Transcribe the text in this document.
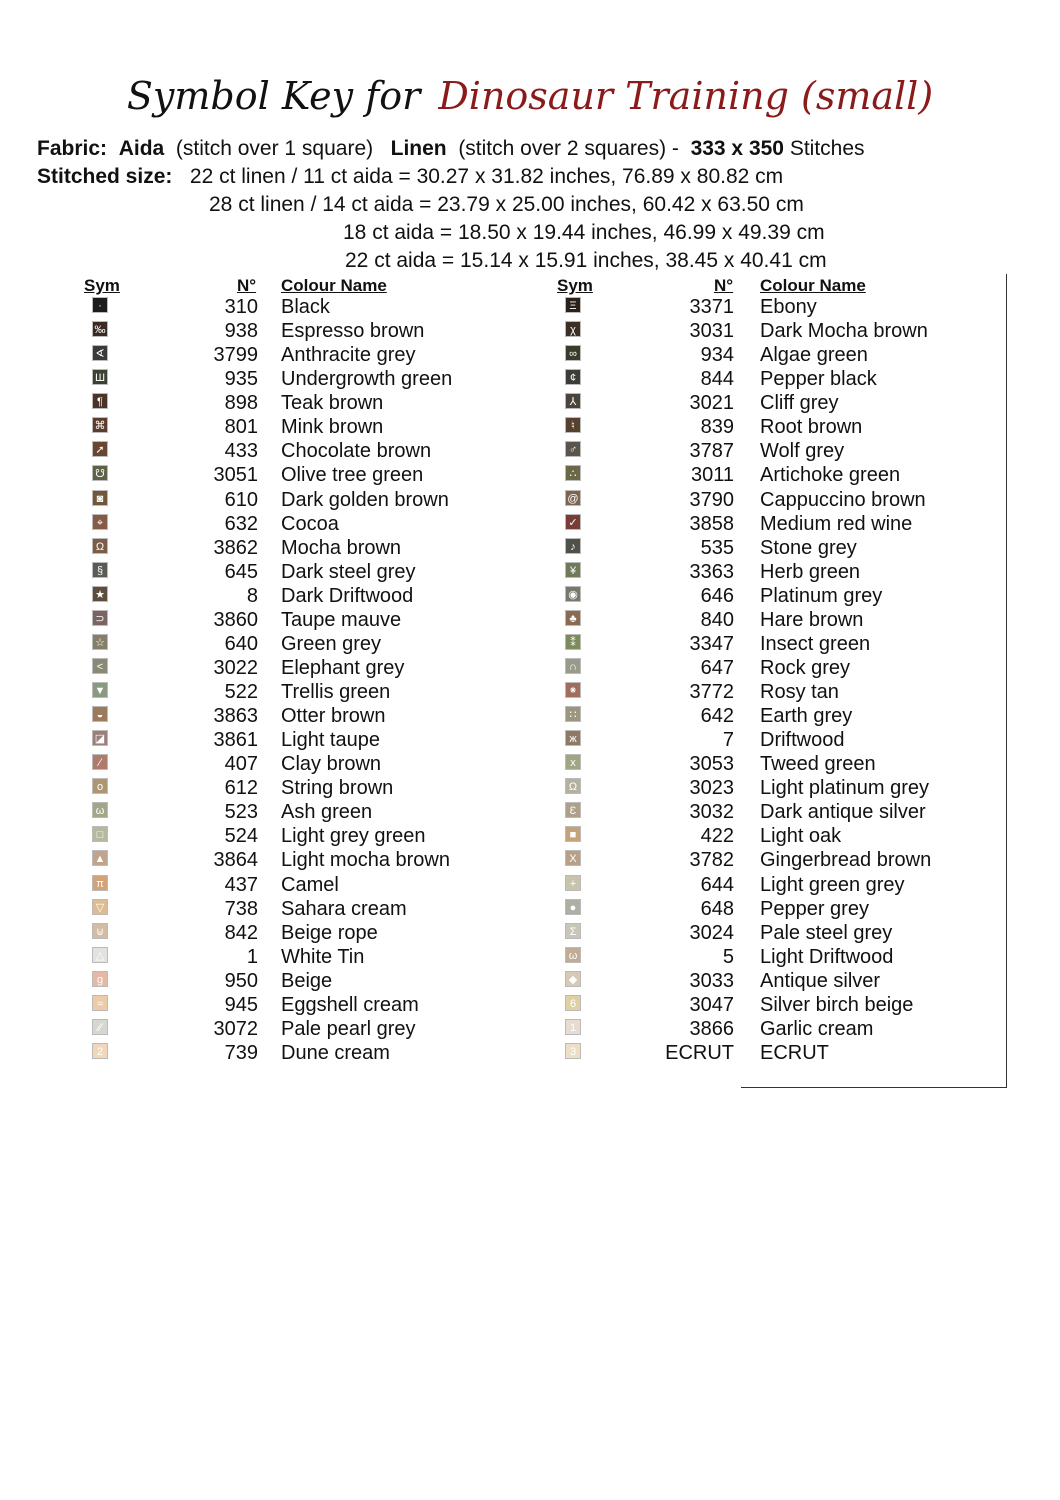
Symbol Key for Dinosaur Training (small)
Fabric: Aida (stitch over 1 square) Linen (stitch over 2 squares) - 333 x 350 Stitches
Stitched size: 22 ct linen / 11 ct aida = 30.27 x 31.82 inches, 76.89 x 80.82 cm
28 ct linen / 14 ct aida = 23.79 x 25.00 inches, 60.42 x 63.50 cm
18 ct aida = 18.50 x 19.44 inches, 46.99 x 49.39 cm
22 ct aida = 15.14 x 15.91 inches, 38.45 x 40.41 cm
Sym	N° Colour Name	Sym	N° Colour Name
·	310 Black
‰	938 Espresso brown
∢	3799 Anthracite grey
Ш	935 Undergrowth green
¶	898 Teak brown
⌘	801 Mink brown
➚	433 Chocolate brown
☋	3051 Olive tree green
◙	610 Dark golden brown
⌖	632 Cocoa
Ω	3862 Mocha brown
§	645 Dark steel grey
★	8 Dark Driftwood
⊃	3860 Taupe mauve
☆	640 Green grey
<	3022 Elephant grey
▼	522 Trellis green
◒	3863 Otter brown
◪	3861 Light taupe
⁄	407 Clay brown
o	612 String brown
ω	523 Ash green
□	524 Light grey green
▲	3864 Light mocha brown
π	437 Camel
▽	738 Sahara cream
⊍	842 Beige rope
△	1 White Tin
g	950 Beige
≈	945 Eggshell cream
⁄⁄	3072 Pale pearl grey
2	739 Dune cream
Ξ	3371 Ebony
χ	3031 Dark Mocha brown
∞	934 Algae green
¢	844 Pepper black
⅄	3021 Cliff grey
♮	839 Root brown
♂	3787 Wolf grey
∴	3011 Artichoke green
@	3790 Cappuccino brown
✓	3858 Medium red wine
♪	535 Stone grey
¥	3363 Herb green
◉	646 Platinum grey
♣	840 Hare brown
⁑	3347 Insect green
∩	647 Rock grey
⁕	3772 Rosy tan
∷	642 Earth grey
ж	7 Driftwood
x	3053 Tweed green
Ω	3023 Light platinum grey
Ɛ	3032 Dark antique silver
■	422 Light oak
Χ	3782 Gingerbread brown
+	644 Light green grey
●	648 Pepper grey
Σ	3024 Pale steel grey
ω	5 Light Driftwood
◆	3033 Antique silver
6	3047 Silver birch beige
1	3866 Garlic cream
3	ECRUT ECRUT
